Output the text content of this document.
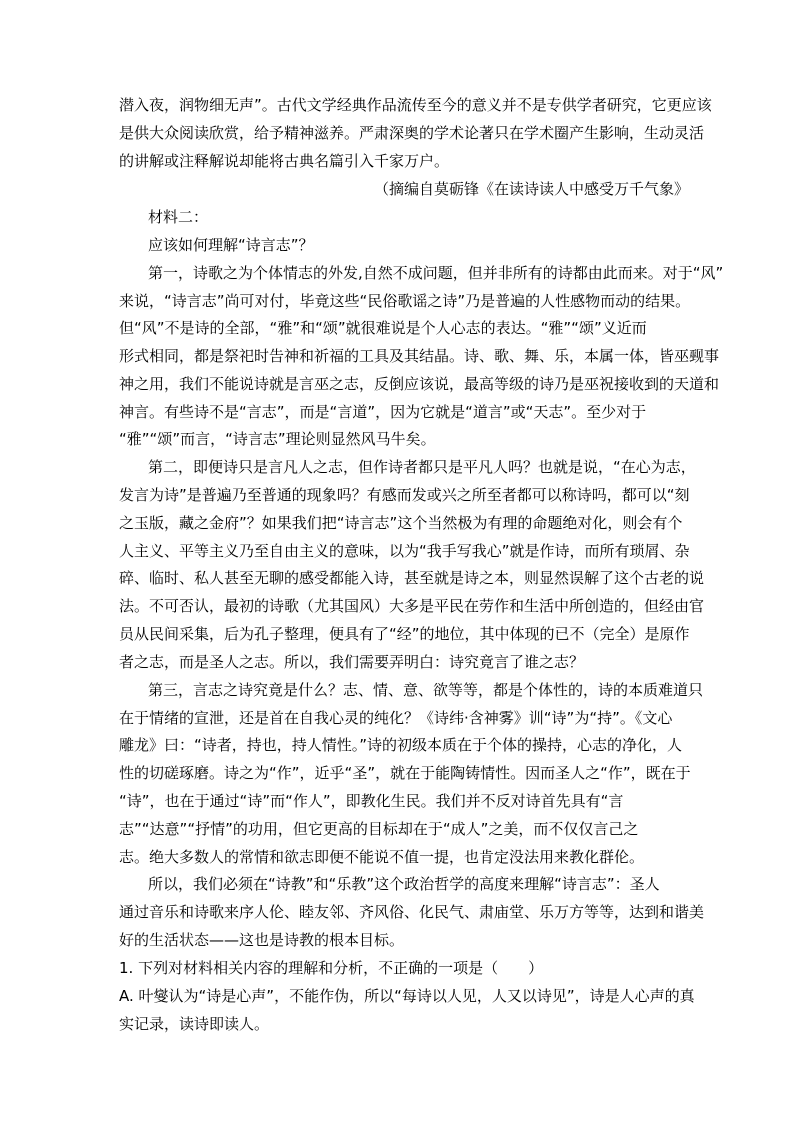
潜入夜，润物细无声”。古代文学经典作品流传至今的意义并不是专供学者研究，它更应该
是供大众阅读欣赏，给予精神滋养。严肃深奥的学术论著只在学术圈产生影响，生动灵活
的讲解或注释解说却能将古典名篇引入千家万户。
（摘编自莫砺锋《在读诗读人中感受万千气象》
材料二：
应该如何理解“诗言志”？
第一，诗歌之为个体情志的外发,自然不成问题，但并非所有的诗都由此而来。对于“风”
来说，“诗言志”尚可对付，毕竟这些“民俗歌谣之诗”乃是普遍的人性感物而动的结果。
但“风”不是诗的全部，“雅”和“颂”就很难说是个人心志的表达。“雅”“颂”义近而
形式相同，都是祭祀时告神和祈福的工具及其结晶。诗、歌、舞、乐，本属一体，皆巫觋事
神之用，我们不能说诗就是言巫之志，反倒应该说，最高等级的诗乃是巫祝接收到的天道和
神言。有些诗不是“言志”，而是“言道”，因为它就是“道言”或“天志”。至少对于
“雅”“颂”而言，“诗言志”理论则显然风马牛矣。
第二，即便诗只是言凡人之志，但作诗者都只是平凡人吗？也就是说，“在心为志，
发言为诗”是普遍乃至普通的现象吗？有感而发或兴之所至者都可以称诗吗，都可以“刻
之玉版，藏之金府”？如果我们把“诗言志”这个当然极为有理的命题绝对化，则会有个
人主义、平等主义乃至自由主义的意味，以为“我手写我心”就是作诗，而所有琐屑、杂
碎、临时、私人甚至无聊的感受都能入诗，甚至就是诗之本，则显然误解了这个古老的说
法。不可否认，最初的诗歌（尤其国风）大多是平民在劳作和生活中所创造的，但经由官
员从民间采集，后为孔子整理，便具有了“经”的地位，其中体现的已不（完全）是原作
者之志，而是圣人之志。所以，我们需要弄明白：诗究竟言了谁之志？
第三，言志之诗究竟是什么？志、情、意、欲等等，都是个体性的，诗的本质难道只
在于情绪的宣泄，还是首在自我心灵的纯化？《诗纬·含神雾》训“诗”为“持”。《文心
雕龙》曰：“诗者，持也，持人情性。”诗的初级本质在于个体的操持，心志的净化，人
性的切磋琢磨。诗之为“作”，近乎“圣”，就在于能陶铸情性。因而圣人之“作”，既在于
“诗”，也在于通过“诗”而“作人”，即教化生民。我们并不反对诗首先具有“言
志”“达意”“抒情”的功用，但它更高的目标却在于“成人”之美，而不仅仅言己之
志。绝大多数人的常情和欲志即便不能说不值一提，也肯定没法用来教化群伦。
所以，我们必须在“诗教”和“乐教”这个政治哲学的高度来理解“诗言志”：圣人
通过音乐和诗歌来序人伦、睦友邻、齐风俗、化民气、肃庙堂、乐万方等等，达到和谐美
好的生活状态——这也是诗教的根本目标。
1. 下列对材料相关内容的理解和分析，不正确的一项是（　　）
A. 叶燮认为“诗是心声”，不能作伪，所以“每诗以人见，人又以诗见”，诗是人心声的真
实记录，读诗即读人。
